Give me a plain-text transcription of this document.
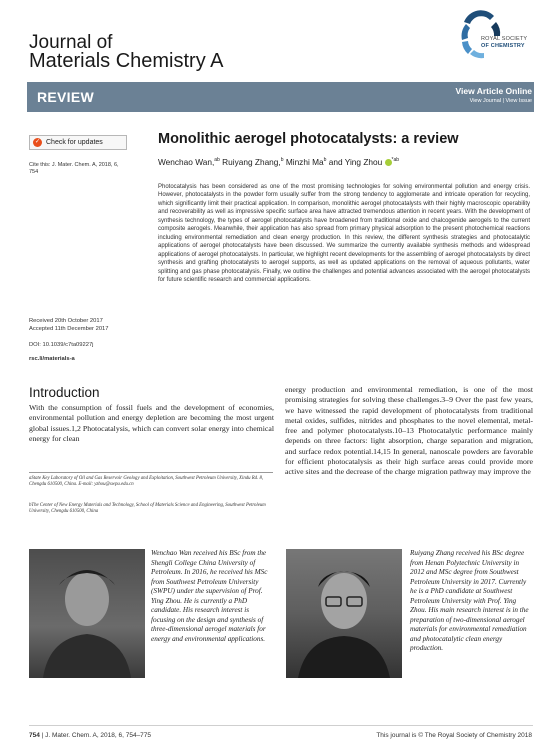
Journal of
Materials Chemistry A
ROYAL SOCIETY
OF CHEMISTRY
REVIEW	View Article Online
View Journal | View Issue
✓ Check for updates
Cite this: J. Mater. Chem. A, 2018, 6, 754
Received 20th October 2017
Accepted 11th December 2017
DOI: 10.1039/c7ta09227j
rsc.li/materials-a
Monolithic aerogel photocatalysts: a review
Wenchao Wan,$^{ab}$ Ruiyang Zhang,$^b$ Minzhi Ma$^b$ and Ying Zhou $^{*ab}$

Photocatalysis has been considered as one of the most promising technologies for solving environmental pollution and energy crisis. However, photocatalysts in the powder form usually suffer from the strong tendency to agglomerate and intricate operation for recycling, which significantly limit their practical application. In comparison, monolithic aerogel photocatalysts with their highly macroscopic operability and recoverability as well as impressive specific surface area have attracted tremendous attention in recent years. With the development of synthesis technology, the types of aerogel photocatalysts have broadened from traditional oxide and chalcogenide aerogels to the current composite aerogels. Meanwhile, their application has also spread from primary physical adsorption to the present photochemical reactions including environmental remediation and clean energy production. In this review, the different synthesis strategies and photocatalytic applications of aerogel photocatalysts have been discussed. We summarize the currently available synthesis methods and widespread applications of aerogel photocatalysts. In particular, we highlight recent developments for the assembling of aerogel photocatalysts by direct synthesis and grafting photocatalysts to aerogel supports, as well as updated applications on the removal of aqueous pollutants, water splitting and gas phase photocatalysis. Finally, we outline the challenges and potential advances associated with the aerogel photocatalysts for future scientific research and commercial applications.

Introduction

With the consumption of fossil fuels and the development of economies, environmental pollution and energy depletion are becoming the most urgent global issues.1,2 Photocatalysis, which can convert solar energy into chemical energy for clean

energy production and environmental remediation, is one of the most promising strategies for solving these challenges.3–9 Over the past few years, we have witnessed the rapid development of photocatalysts from traditional metal oxides, sulfides, nitrides and phosphates to the novel elemental, metal-free and polymer photocatalysts.10–13 Photocatalytic performance mainly depends on three factors: light absorption, charge separation and migration, and surface redox potential.14,15 In general, nanoscale powders are favorable for efficient photocatalysis as their high surface areas could provide more active sites and the decrease of the charge migration pathway may improve the

aState Key Laboratory of Oil and Gas Reservoir Geology and Exploitation, Southwest Petroleum University, Xindu Rd. 8, Chengdu 610500, China. E-mail: yzhou@swpu.edu.cn

bThe Center of New Energy Materials and Technology, School of Materials Science and Engineering, Southwest Petroleum University, Chengdu 610500, China

Wenchao Wan received his BSc from the Shengli College China University of Petroleum. In 2016, he received his MSc from Southwest Petroleum University (SWPU) under the supervision of Prof. Ying Zhou. He is currently a PhD candidate. His research interest is focusing on the design and synthesis of three-dimensional aerogel materials for energy and environmental applications.

Ruiyang Zhang received his BSc degree from Henan Polytechnic University in 2012 and MSc degree from Southwest Petroleum University in 2017. Currently he is a PhD candidate at Southwest Petroleum University with Prof. Ying Zhou. His main research interest is in the preparation of two-dimensional aerogel materials for environmental remediation and photocatalytic clean energy production.

754 | J. Mater. Chem. A, 2018, 6, 754–775	This journal is © The Royal Society of Chemistry 2018
